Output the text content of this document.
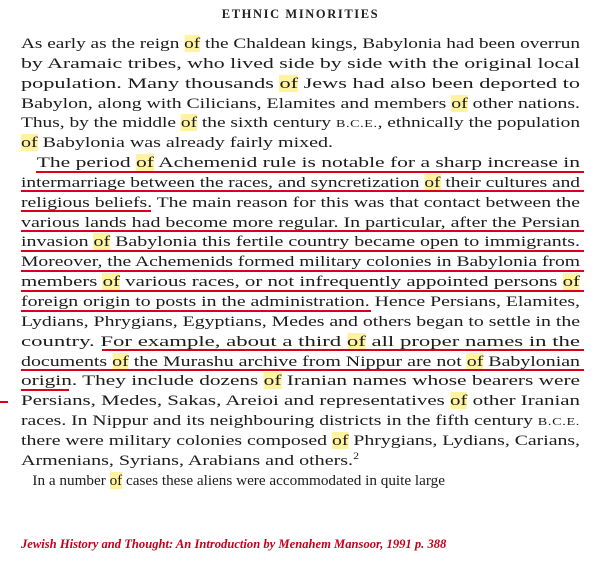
ETHNIC MINORITIES
As early as the reign of the Chaldean kings, Babylonia had been overrun
by Aramaic tribes, who lived side by side with the original local
population. Many thousands of Jews had also been deported to
Babylon, along with Cilicians, Elamites and members of other nations.
Thus, by the middle of the sixth century B.C.E., ethnically the population
of Babylonia was already fairly mixed.
The period of Achemenid rule is notable for a sharp increase in
intermarriage between the races, and syncretization of their cultures and
religious beliefs. The main reason for this was that contact between the
various lands had become more regular. In particular, after the Persian
invasion of Babylonia this fertile country became open to immigrants.
Moreover, the Achemenids formed military colonies in Babylonia from
members of various races, or not infrequently appointed persons of
foreign origin to posts in the administration. Hence Persians, Elamites,
Lydians, Phrygians, Egyptians, Medes and others began to settle in the
country. For example, about a third of all proper names in the
documents of the Murashu archive from Nippur are not of Babylonian
origin. They include dozens of Iranian names whose bearers were
Persians, Medes, Sakas, Areioi and representatives of other Iranian
races. In Nippur and its neighbouring districts in the fifth century B.C.E.
there were military colonies composed of Phrygians, Lydians, Carians,
Armenians, Syrians, Arabians and others.$^2$
In a number of cases these aliens were accommodated in quite large
Jewish History and Thought: An Introduction by Menahem Mansoor, 1991 p. 388
